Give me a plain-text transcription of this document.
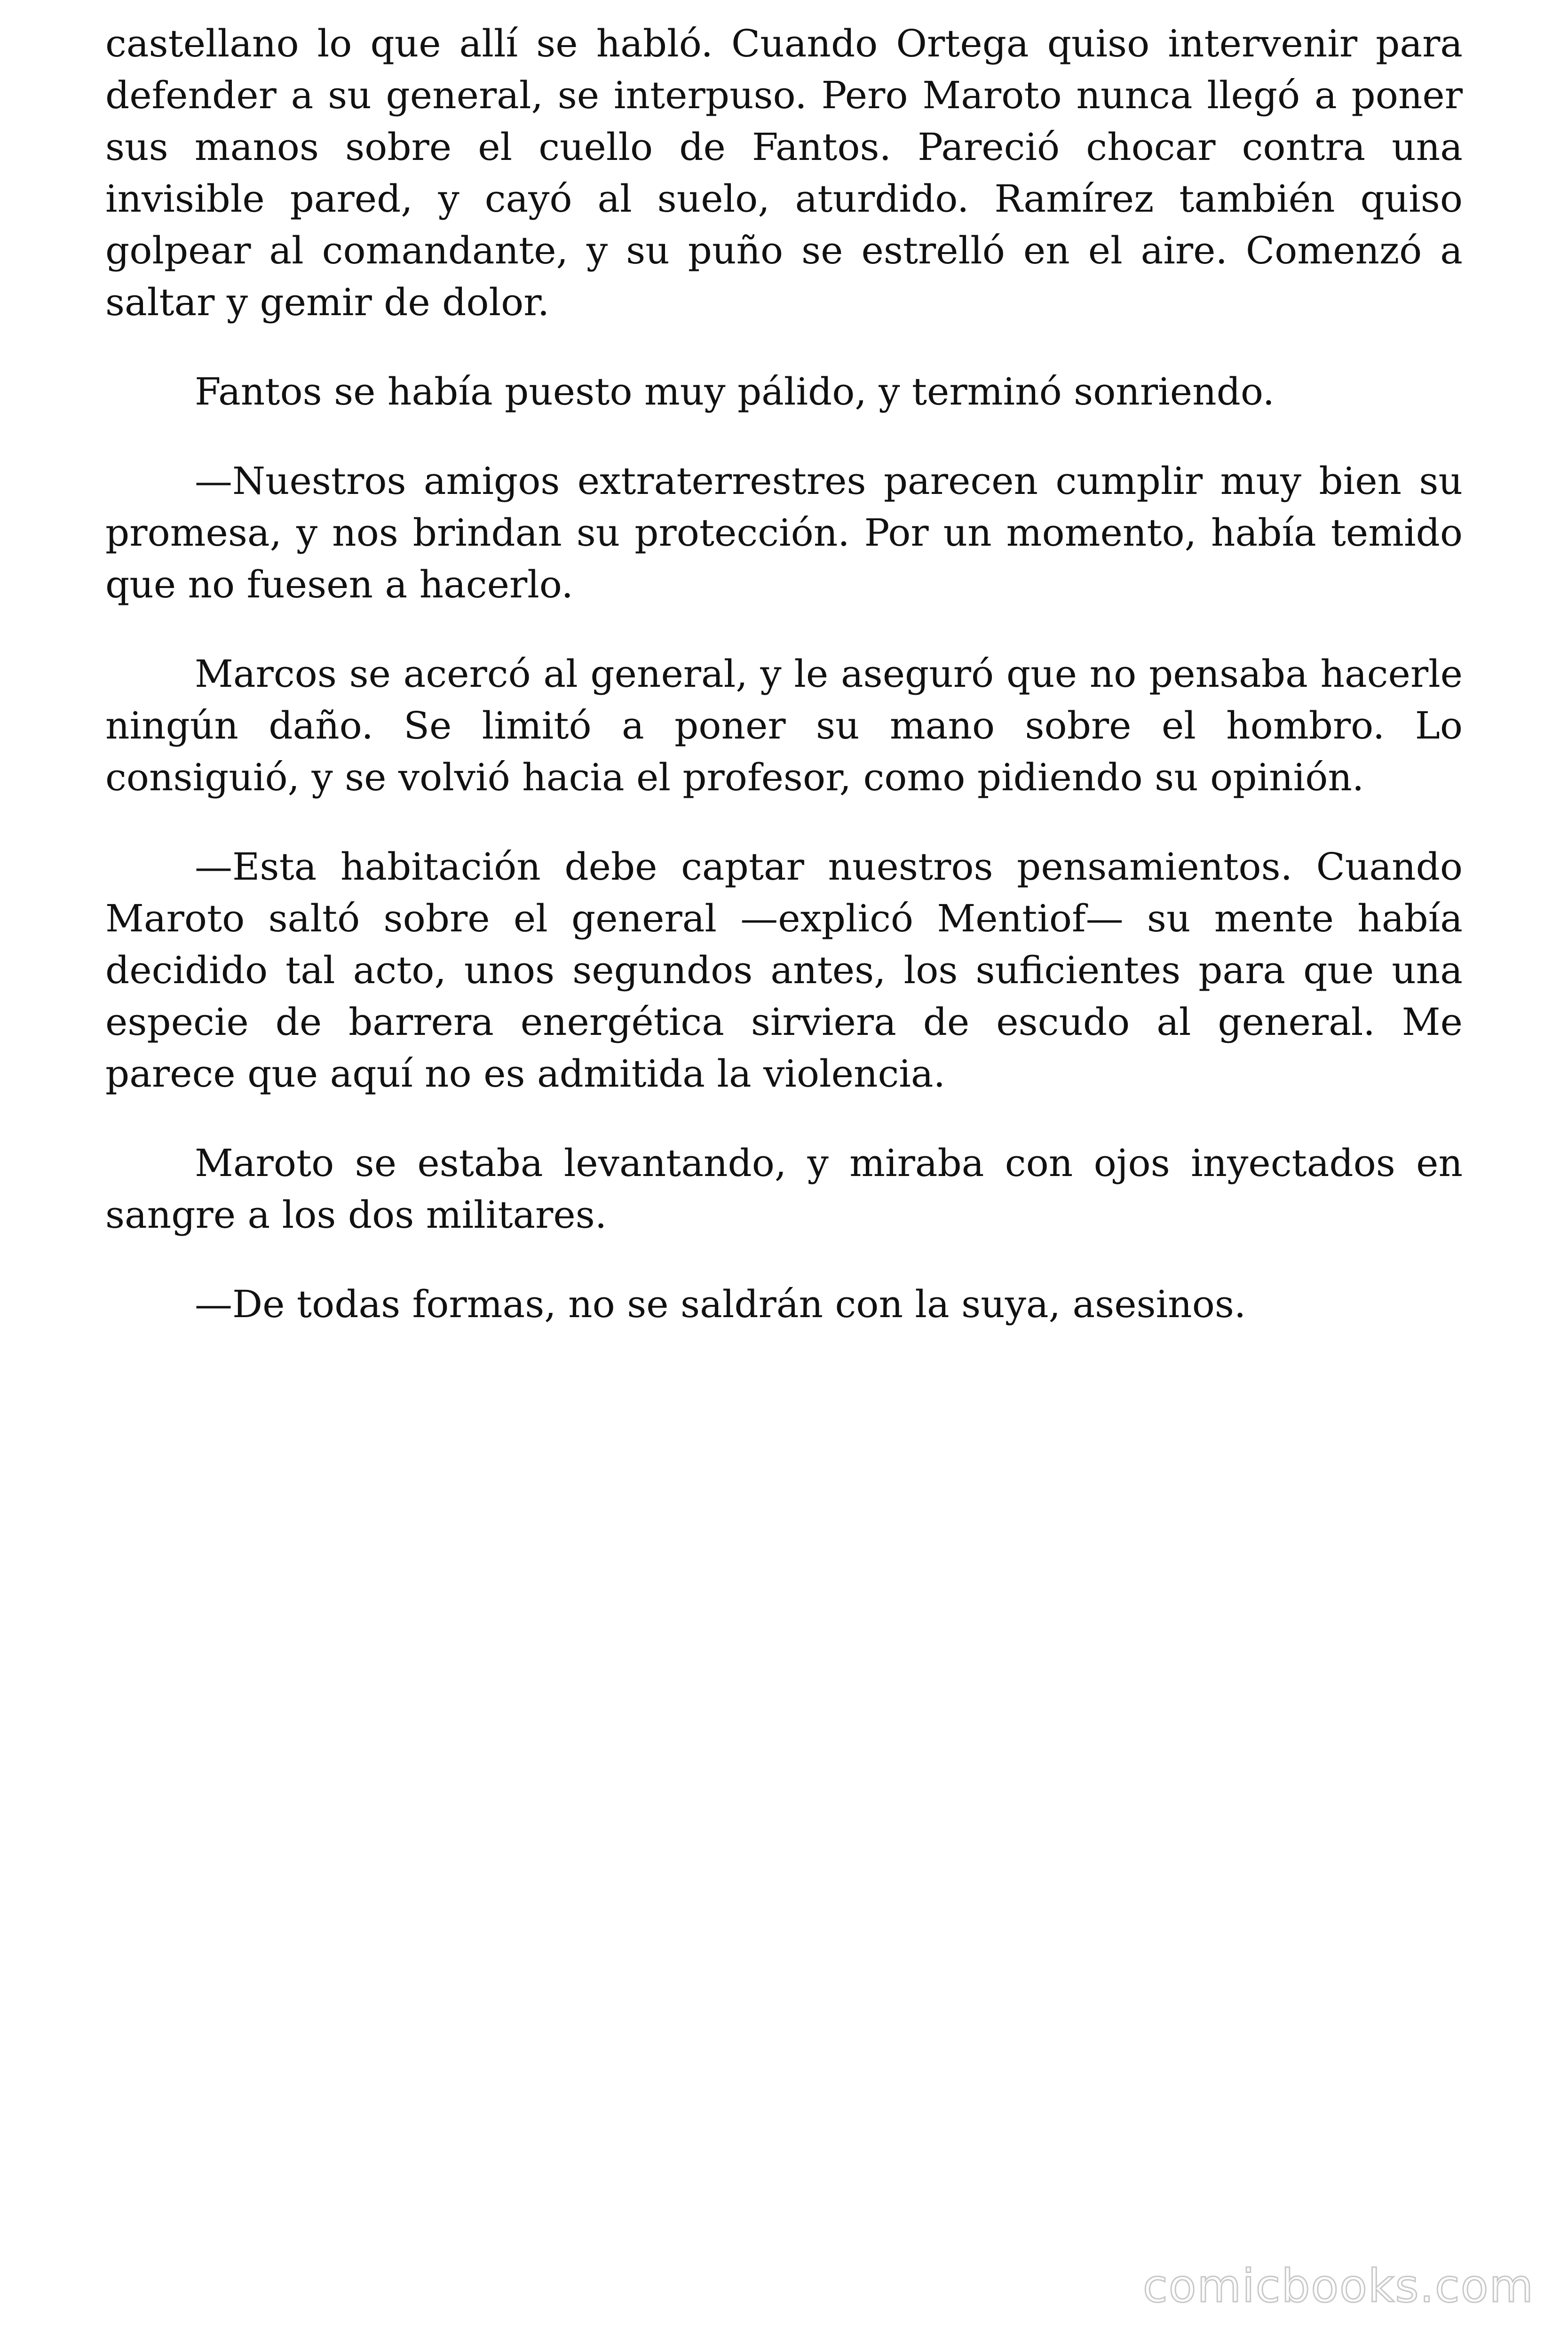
castellano lo que allí se habló. Cuando Ortega quiso intervenir para defender a su general, se interpuso. Pero Maroto nunca llegó a poner sus manos sobre el cuello de Fantos. Pareció chocar contra una invisible pared, y cayó al suelo, aturdido. Ramírez también quiso golpear al comandante, y su puño se estrelló en el aire. Comenzó a saltar y gemir de dolor.

Fantos se había puesto muy pálido, y terminó sonriendo.

—Nuestros amigos extraterrestres parecen cumplir muy bien su promesa, y nos brindan su protección. Por un momento, había temido que no fuesen a hacerlo.

Marcos se acercó al general, y le aseguró que no pensaba hacerle ningún daño. Se limitó a poner su mano sobre el hombro. Lo consiguió, y se volvió hacia el profesor, como pidiendo su opinión.

—Esta habitación debe captar nuestros pensamientos. Cuando Maroto saltó sobre el general —explicó Mentiof— su mente había decidido tal acto, unos segundos antes, los suficientes para que una especie de barrera energética sirviera de escudo al general. Me parece que aquí no es admitida la violencia.

Maroto se estaba levantando, y miraba con ojos inyectados en sangre a los dos militares.

—De todas formas, no se saldrán con la suya, asesinos.

comicbooks.com
